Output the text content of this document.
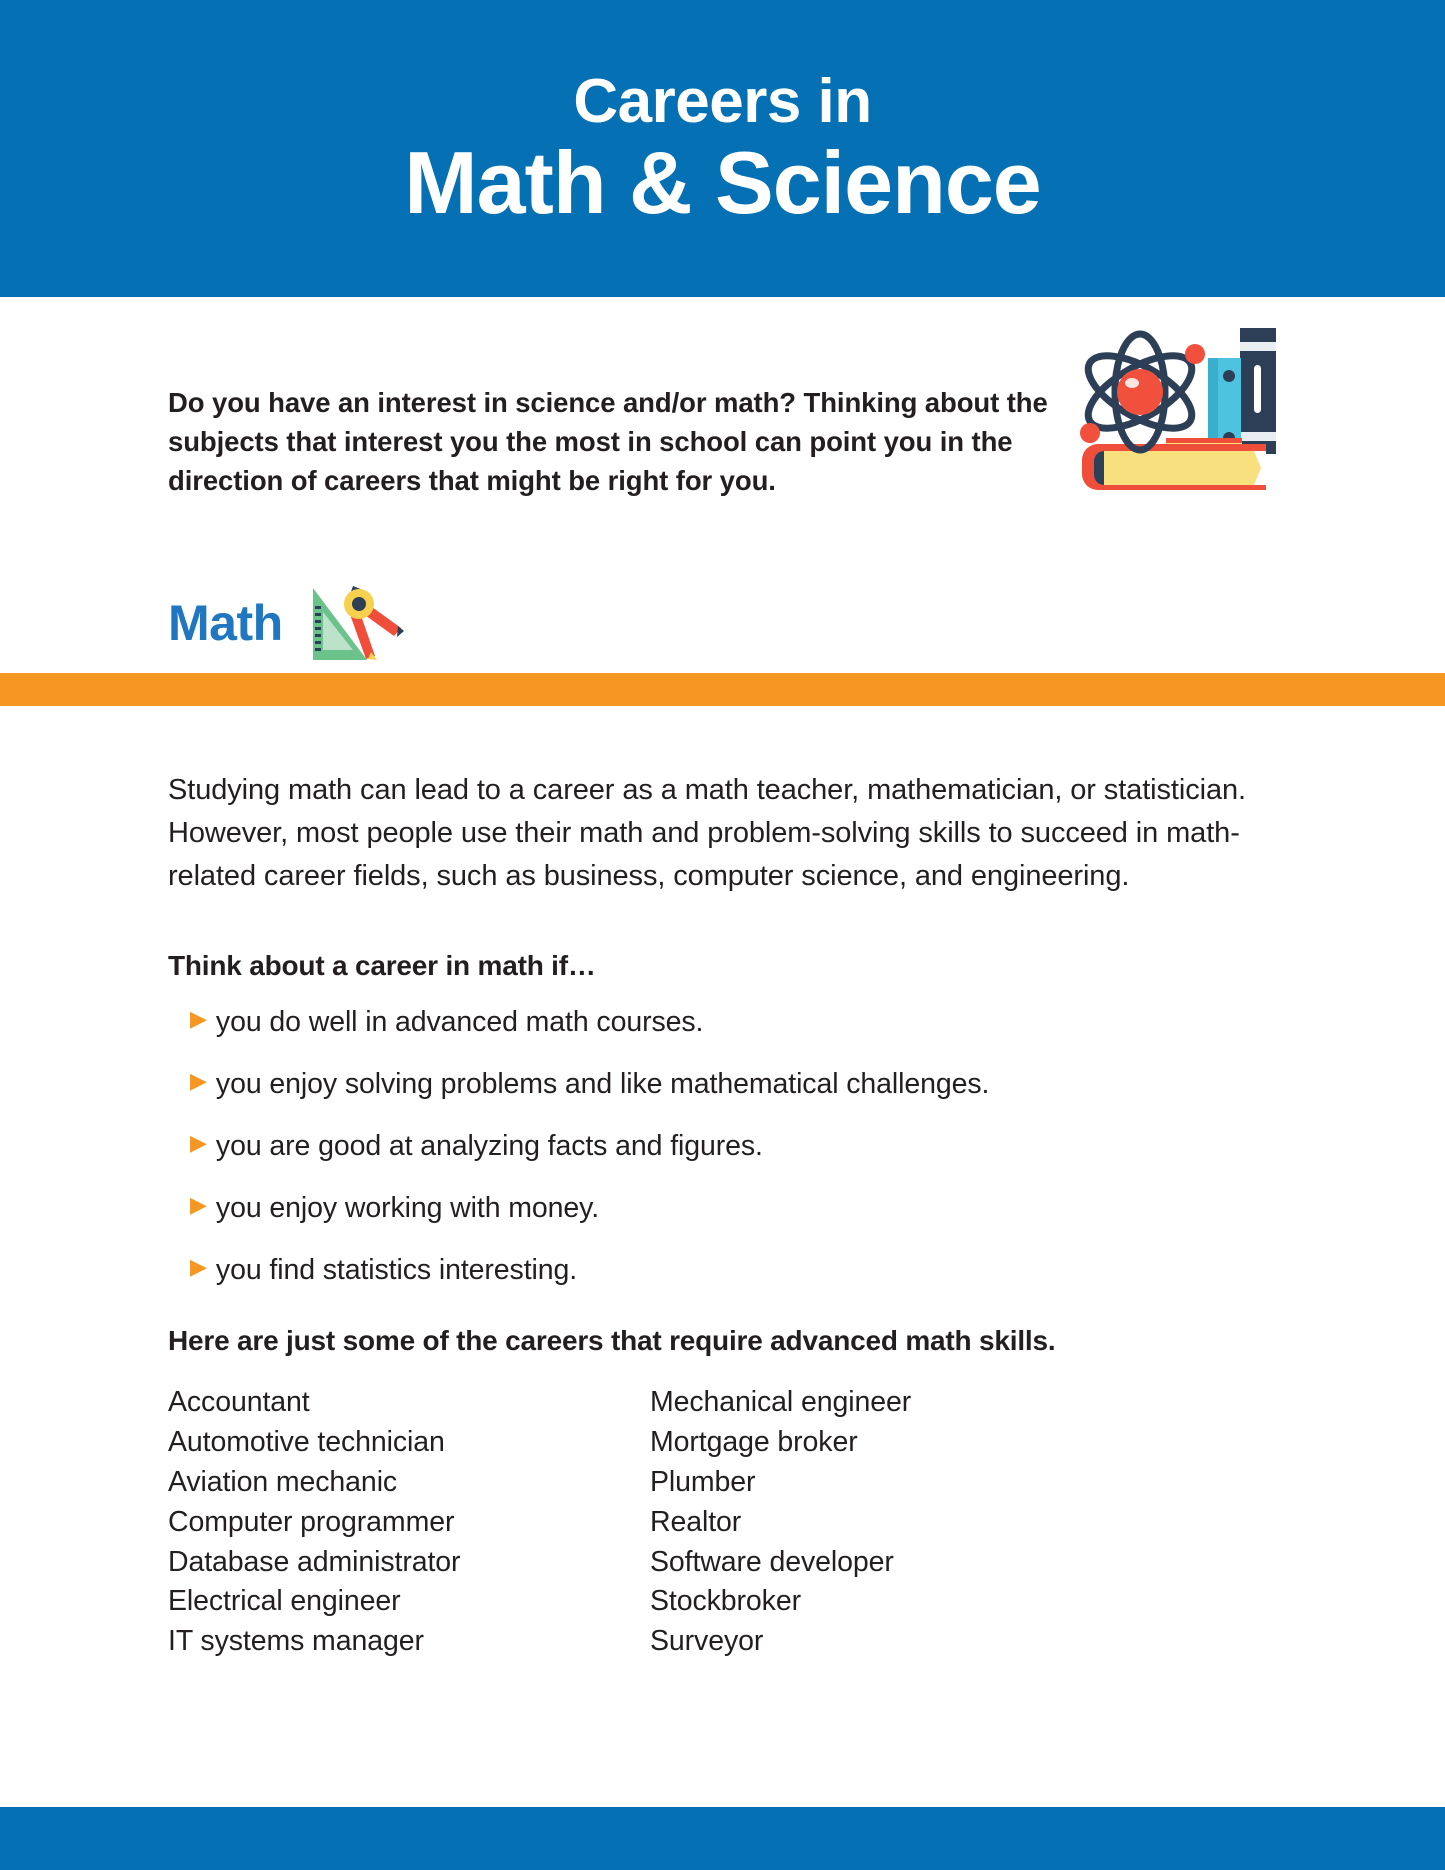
Careers in
Math & Science

Do you have an interest in science and/or math? Thinking about the subjects that interest you the most in school can point you in the direction of careers that might be right for you.

Math

Studying math can lead to a career as a math teacher, mathematician, or statistician. However, most people use their math and problem-solving skills to succeed in math-related career fields, such as business, computer science, and engineering.

Think about a career in math if…
▶ you do well in advanced math courses.
▶ you enjoy solving problems and like mathematical challenges.
▶ you are good at analyzing facts and figures.
▶ you enjoy working with money.
▶ you find statistics interesting.
Here are just some of the careers that require advanced math skills.
Accountant
Automotive technician
Aviation mechanic
Computer programmer
Database administrator
Electrical engineer
IT systems manager
Mechanical engineer
Mortgage broker
Plumber
Realtor
Software developer
Stockbroker
Surveyor
